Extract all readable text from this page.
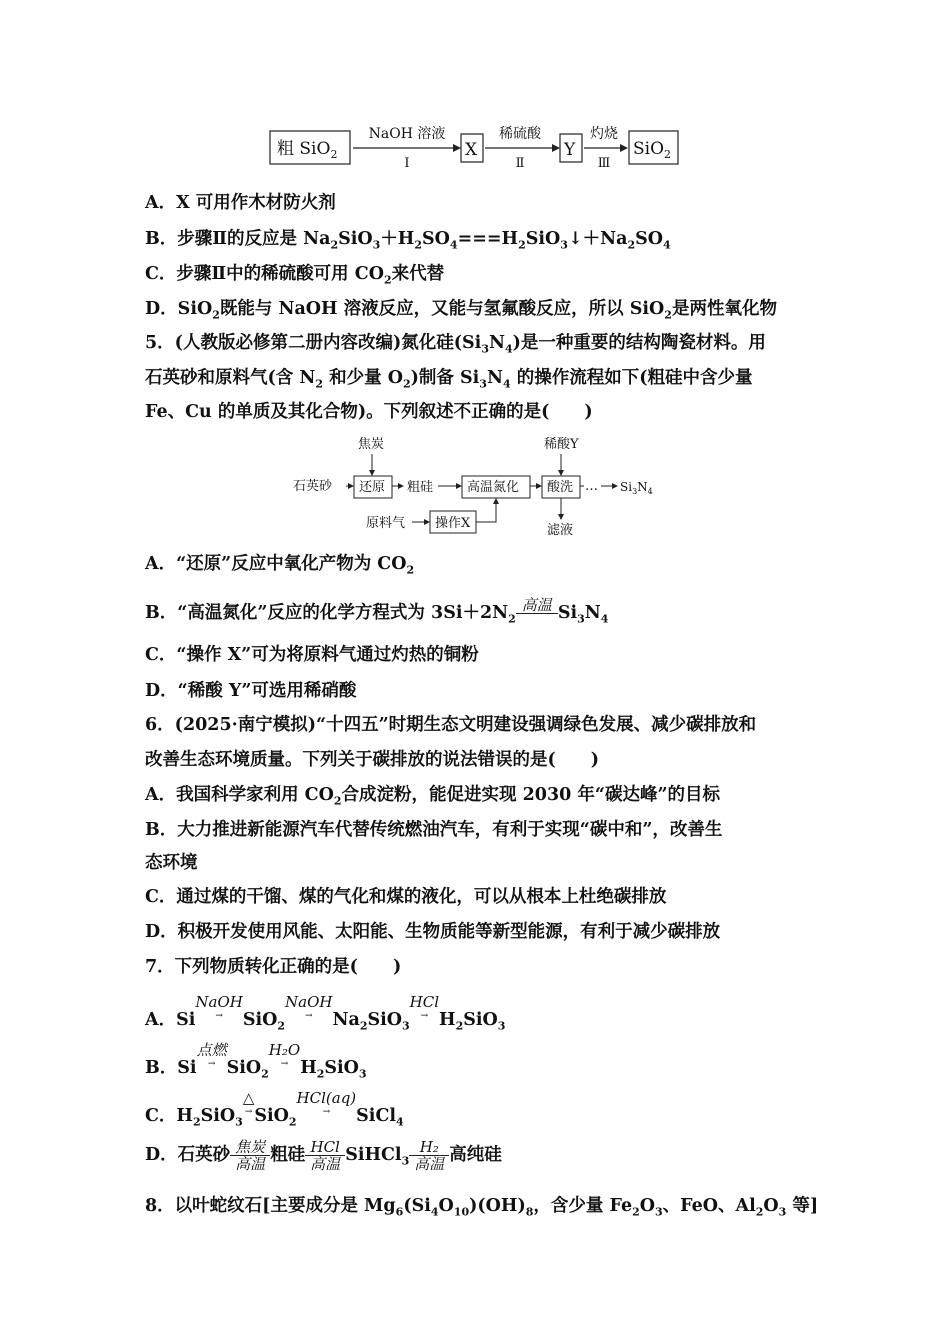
粗 SiO$_2$
NaOH 溶液
Ⅰ
X
稀硫酸
Ⅱ
Y
灼烧
Ⅲ
SiO$_2$
A．X 可用作木材防火剂
B．步骤Ⅱ的反应是 $Na_2SiO_3+H_2SO_4===H_2SiO_3↓+Na_2SO_4$
C．步骤Ⅱ中的稀硫酸可用 $CO_2$来代替
D．SiO$_2$既能与 NaOH 溶液反应，又能与氢氟酸反应，所以 SiO$_2$是两性氧化物
5．(人教版必修第二册内容改编)氮化硅$(Si_3N_4)$是一种重要的结构陶瓷材料。用
石英砂和原料气(含 $N_2$ 和少量 $O_2$)制备 $Si_3N_4$ 的操作流程如下(粗硅中含少量
Fe、Cu 的单质及其化合物)。下列叙述不正确的是(　　)
焦炭
石英砂 还原 粗硅	高温氮化
稀酸Y
酸洗 … $Si_3N_4$
滤液
原料气 操作X
A．“还原”反应中氧化产物为 $CO_2$
B．“高温氮化”反应的化学方程式为 $3Si+2N_2$
高温
$Si_3N_4$
C．“操作 X”可为将原料气通过灼热的铜粉
D．“稀酸 Y”可选用稀硝酸
6．(2025·南宁模拟)“十四五”时期生态文明建设强调绿色发展、减少碳排放和
改善生态环境质量。下列关于碳排放的说法错误的是(　　)
A．我国科学家利用 $CO_2$合成淀粉，能促进实现 2030 年“碳达峰”的目标
B．大力推进新能源汽车代替传统燃油汽车，有利于实现“碳中和”，改善生
态环境
C．通过煤的干馏、煤的气化和煤的液化，可以从根本上杜绝碳排放
D．积极开发使用风能、太阳能、生物质能等新型能源，有利于减少碳排放
7．下列物质转化正确的是(　　)
A．SiNaOH
→	SiO$_2$NaOH
→	$Na_2SiO_3HCl$
→ $H_2SiO_3$
B．Si点燃
→ SiO$_2$H₂O
→ $H_2SiO_3$
C．$H_2SiO_3\triangle$
→ SiO$_2$HCl(aq)
→	SiCl$_4$
D．石英砂 焦炭
高温 粗硅 HCl
高温 SiHCl$_3$
H₂
高温 高纯硅
8．以叶蛇纹石[主要成分是 $Mg_6(Si_4O_{10})(OH)_8$，含少量 $Fe_2O_3$、FeO、$Al_2O_3$ 等]
